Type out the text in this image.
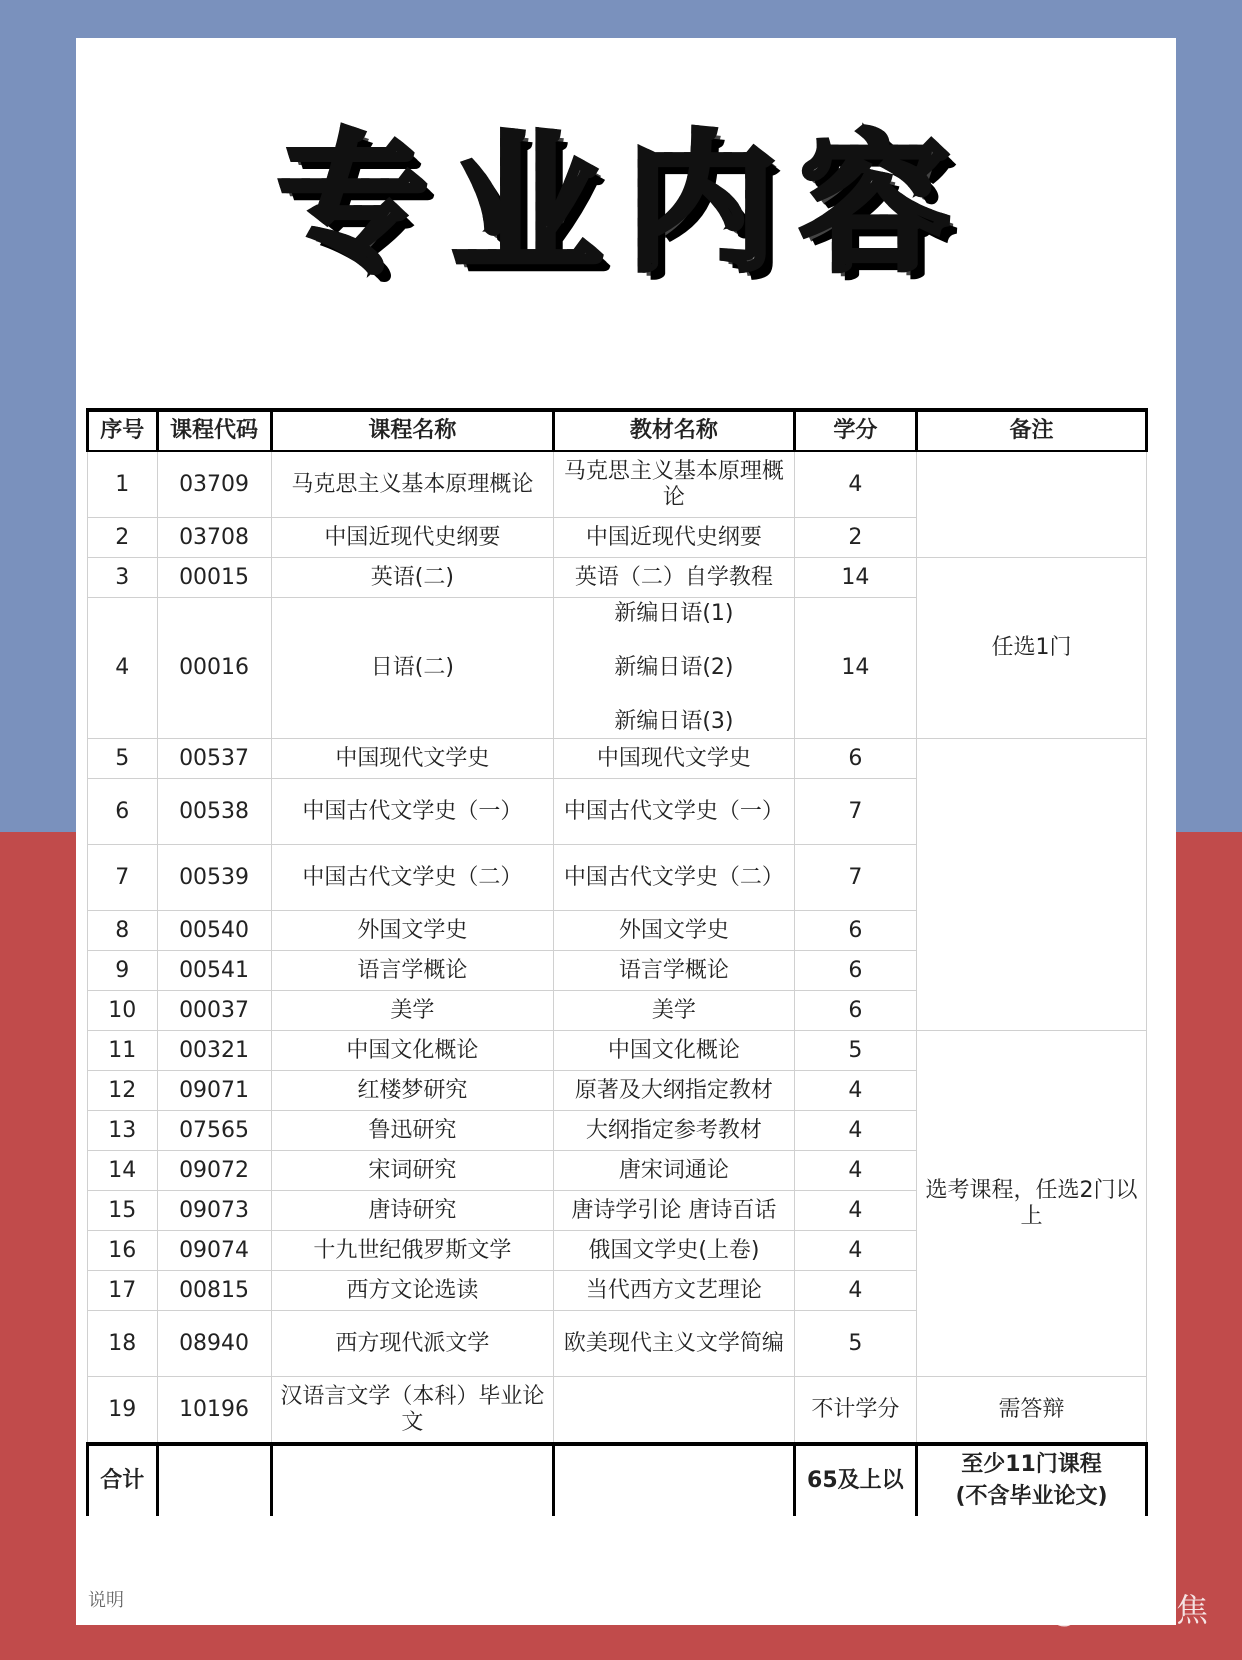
专业内容
序号	课程代码	课程名称	教材名称	学分	备注
1	03709	马克思主义基本原理概论	马克思主义基本原理概论	4	
2	03708	中国近现代史纲要	中国近现代史纲要	2	
3	00015	英语(二)	英语（二）自学教程	14	任选1门
4	00016	日语(二)	新编日语(1)
新编日语(2)
新编日语(3)	14	
5	00537	中国现代文学史	中国现代文学史	6	
6	00538	中国古代文学史（一）	中国古代文学史（一）	7	
7	00539	中国古代文学史（二）	中国古代文学史（二）	7	
8	00540	外国文学史	外国文学史	6	
9	00541	语言学概论	语言学概论	6	
10	00037	美学	美学	6	
11	00321	中国文化概论	中国文化概论	5	选考课程，任选2门以上
12	09071	红楼梦研究	原著及大纲指定教材	4	
13	07565	鲁迅研究	大纲指定参考教材	4	
14	09072	宋词研究	唐宋词通论	4	
15	09073	唐诗研究	唐诗学引论 唐诗百话	4	
16	09074	十九世纪俄罗斯文学	俄国文学史(上卷)	4	
17	00815	西方文论选读	当代西方文艺理论	4	
18	08940	西方现代派文学	欧美现代主义文学简编	5	
19	10196	汉语言文学（本科）毕业论文		不计学分	需答辩
合计				65及上以	至少11门课程
(不含毕业论文)
说明	知乎 @自考聚焦
